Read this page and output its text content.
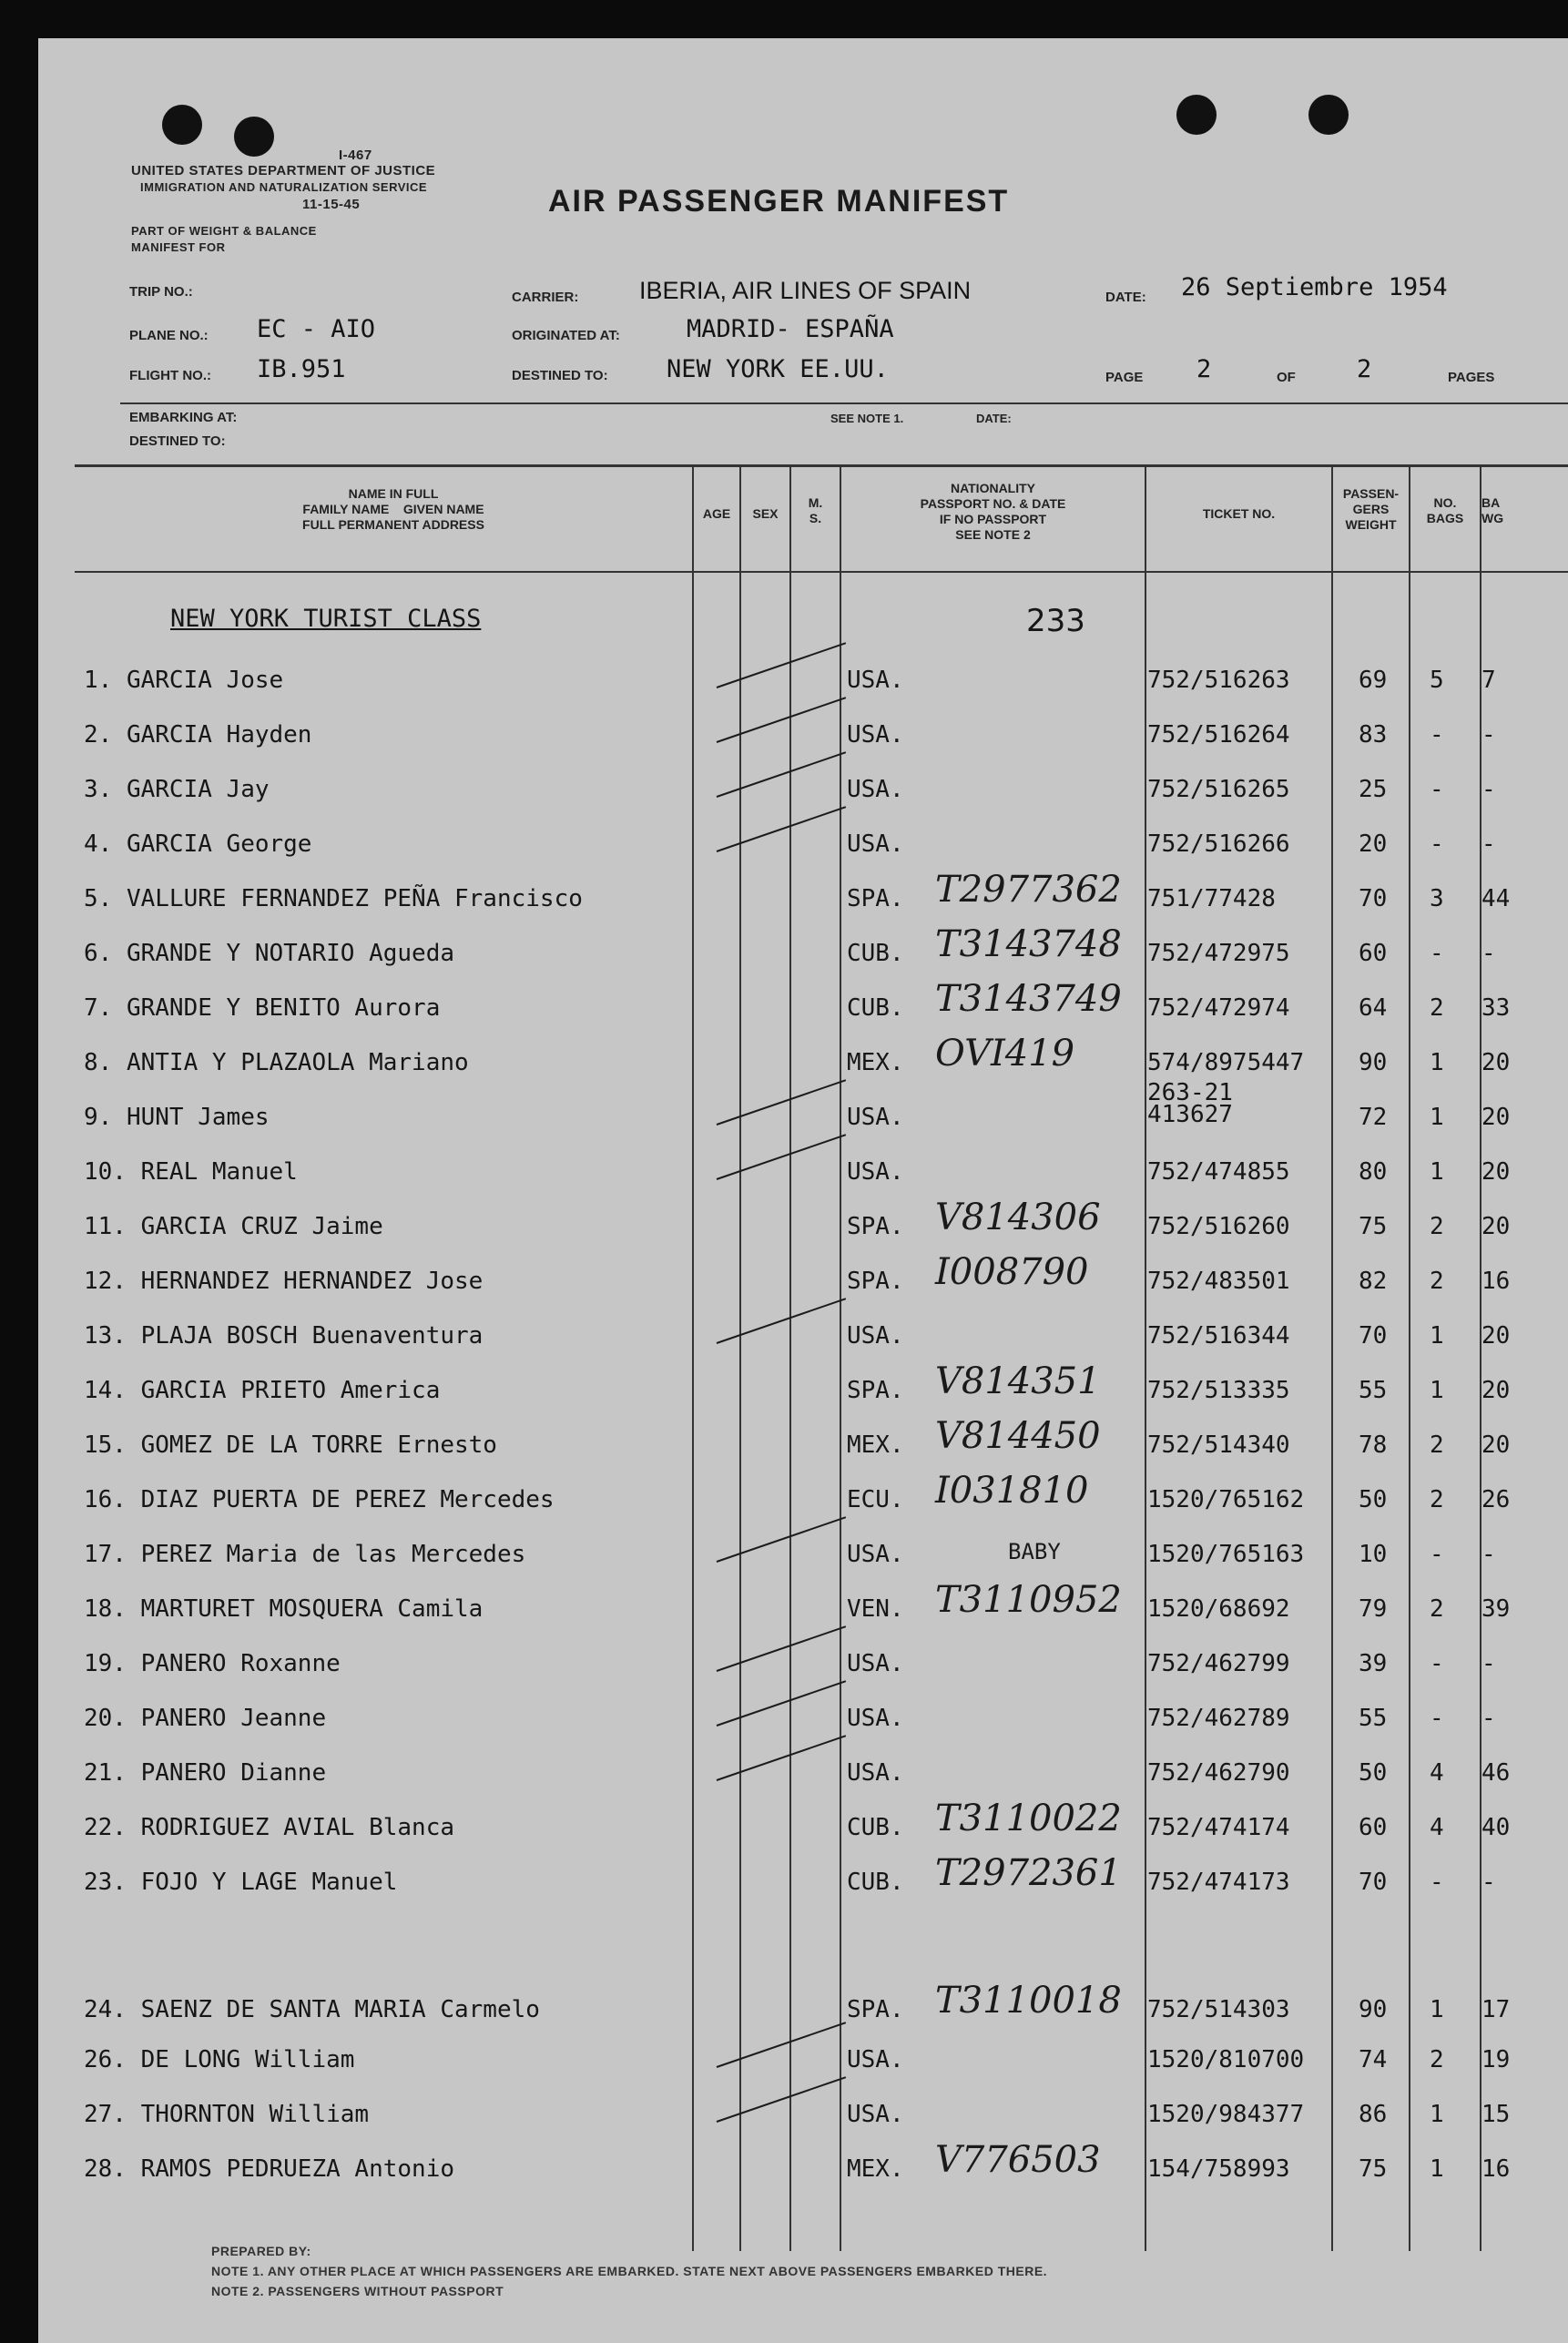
I-467
UNITED STATES DEPARTMENT OF JUSTICE
IMMIGRATION AND NATURALIZATION SERVICE
11-15-45
PART OF WEIGHT & BALANCE
MANIFEST FOR
AIR PASSENGER MANIFEST
TRIP NO.:
PLANE NO.: EC - AIO
FLIGHT NO.: IB.951
CARRIER: IBERIA, AIR LINES OF SPAIN
ORIGINATED AT:	MADRID- ESPAÑA
DESTINED TO: NEW YORK EE.UU.
DATE: 26 Septiembre 1954
PAGE 2	OF 2	PAGES
EMBARKING AT:	SEE NOTE 1.	DATE:
DESTINED TO:
NAME IN FULL
FAMILY NAME    GIVEN NAME
FULL PERMANENT ADDRESS
AGE	SEX
M.
S.
NATIONALITY
PASSPORT NO. & DATE
IF NO PASSPORT
SEE NOTE 2
TICKET NO.
PASSEN-
GERS
WEIGHT
NO.
BAGS
BA
WG
NEW YORK TURIST CLASS	233
1. GARCIA Jose	USA.	752/516263	69 5 7
2. GARCIA Hayden	USA.	752/516264	83 - -
3. GARCIA Jay	USA.	752/516265	25 - -
4. GARCIA George	USA.	752/516266	20 - -
5. VALLURE FERNANDEZ PEÑA Francisco	SPA. T2977362 751/77428	70 3 44
6. GRANDE Y NOTARIO Agueda	CUB. T3143748 752/472975	60 - -
7. GRANDE Y BENITO Aurora	CUB. T3143749 752/472974	64 2 33
8. ANTIA Y PLAZAOLA Mariano	MEX. OVI419	574/8975447 90 1 20
9. HUNT James	USA.
263-21
413627	72 1 20
10. REAL Manuel	USA.	752/474855	80 1 20
11. GARCIA CRUZ Jaime	SPA. V814306 752/516260	75 2 20
12. HERNANDEZ HERNANDEZ Jose	SPA. I008790 752/483501	82 2 16
13. PLAJA BOSCH Buenaventura	USA.	752/516344	70 1 20
14. GARCIA PRIETO America	SPA. V814351 752/513335	55 1 20
15. GOMEZ DE LA TORRE Ernesto	MEX. V814450 752/514340	78 2 20
16. DIAZ PUERTA DE PEREZ Mercedes	ECU. I031810 1520/765162 50 2 26
17. PEREZ Maria de las Mercedes	USA.	BABY	1520/765163 10 - -
18. MARTURET MOSQUERA Camila	VEN. T3110952 1520/68692	79 2 39
19. PANERO Roxanne	USA.	752/462799	39 - -
20. PANERO Jeanne	USA.	752/462789	55 - -
21. PANERO Dianne	USA.	752/462790	50 4 46
22. RODRIGUEZ AVIAL Blanca	CUB. T3110022 752/474174	60 4 40
23. FOJO Y LAGE Manuel	CUB. T2972361 752/474173	70 - -
24. SAENZ DE SANTA MARIA Carmelo	SPA. T3110018 752/514303	90 1 17
26. DE LONG William	USA.	1520/810700 74 2 19
27. THORNTON William	USA.	1520/984377 86 1 15
28. RAMOS PEDRUEZA Antonio	MEX. V776503 154/758993	75 1 16
PREPARED BY:
NOTE 1. ANY OTHER PLACE AT WHICH PASSENGERS ARE EMBARKED. STATE NEXT ABOVE PASSENGERS EMBARKED THERE.
NOTE 2. PASSENGERS WITHOUT PASSPORT
